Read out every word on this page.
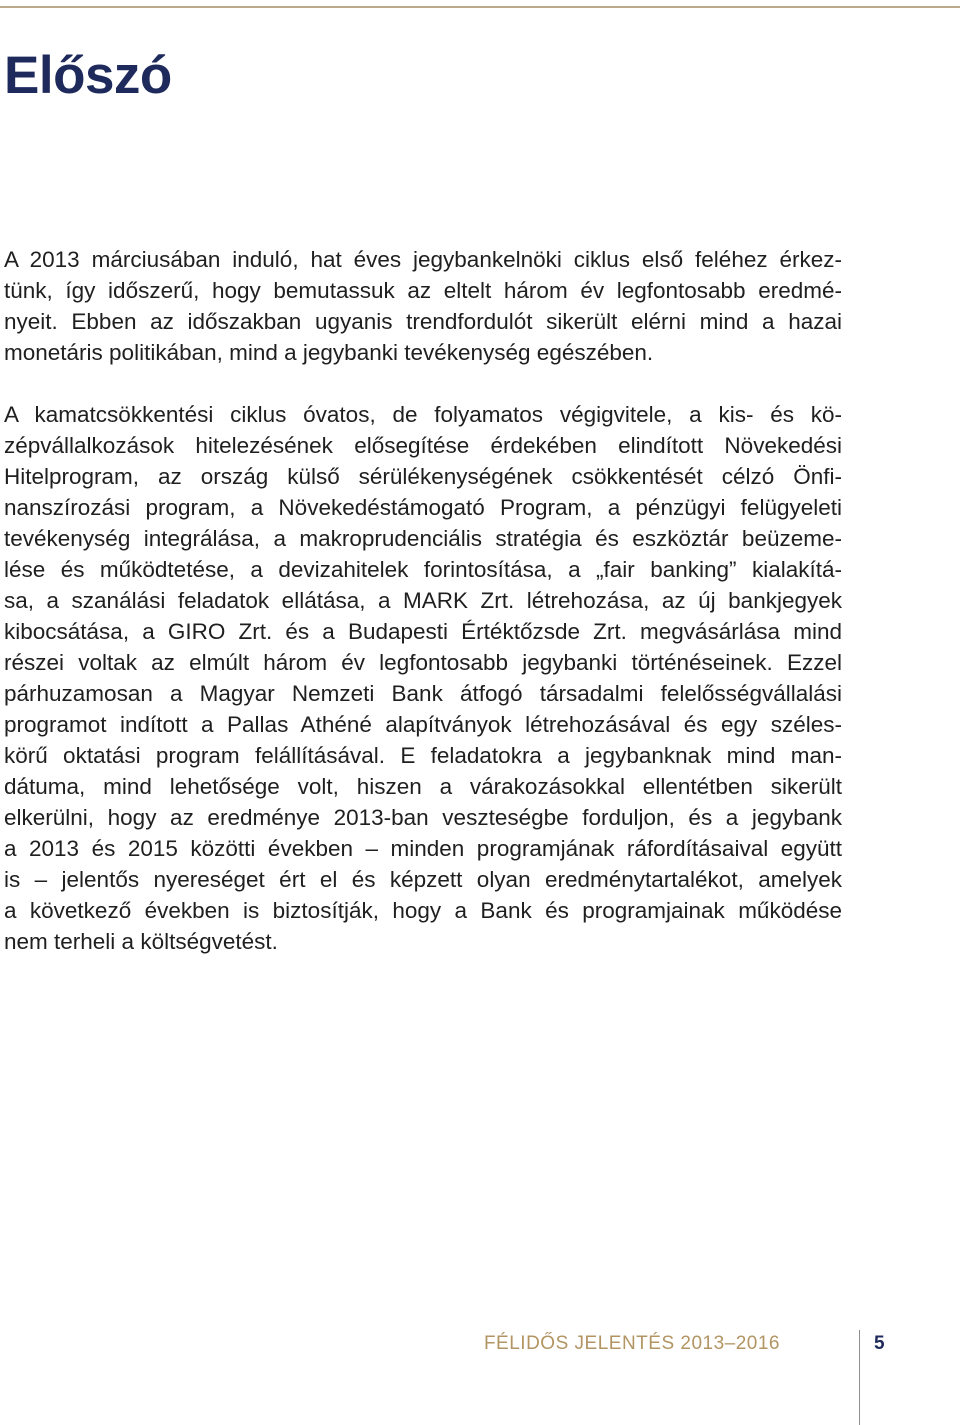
Előszó
A 2013 márciusában induló, hat éves jegybankelnöki ciklus első feléhez érkez-
tünk, így időszerű, hogy bemutassuk az eltelt három év legfontosabb eredmé-
nyeit. Ebben az időszakban ugyanis trendfordulót sikerült elérni mind a hazai
monetáris politikában, mind a jegybanki tevékenység egészében.
A kamatcsökkentési ciklus óvatos, de folyamatos végigvitele, a kis- és kö-
zépvállalkozások hitelezésének elősegítése érdekében elindított Növekedési
Hitelprogram, az ország külső sérülékenységének csökkentését célzó Önfi-
nanszírozási program, a Növekedéstámogató Program, a pénzügyi felügyeleti
tevékenység integrálása, a makroprudenciális stratégia és eszköztár beüzeme-
lése és működtetése, a devizahitelek forintosítása, a „fair banking” kialakítá-
sa, a szanálási feladatok ellátása, a MARK Zrt. létrehozása, az új bankjegyek
kibocsátása, a GIRO Zrt. és a Budapesti Értéktőzsde Zrt. megvásárlása mind
részei voltak az elmúlt három év legfontosabb jegybanki történéseinek. Ezzel
párhuzamosan a Magyar Nemzeti Bank átfogó társadalmi felelősségvállalási
programot indított a Pallas Athéné alapítványok létrehozásával és egy széles-
körű oktatási program felállításával. E feladatokra a jegybanknak mind man-
dátuma, mind lehetősége volt, hiszen a várakozásokkal ellentétben sikerült
elkerülni, hogy az eredménye 2013-ban veszteségbe forduljon, és a jegybank
a 2013 és 2015 közötti években – minden programjának ráfordításaival együtt
is – jelentős nyereséget ért el és képzett olyan eredménytartalékot, amelyek
a következő években is biztosítják, hogy a Bank és programjainak működése
nem terheli a költségvetést.
FÉLIDŐS JELENTÉS 2013–2016	5
